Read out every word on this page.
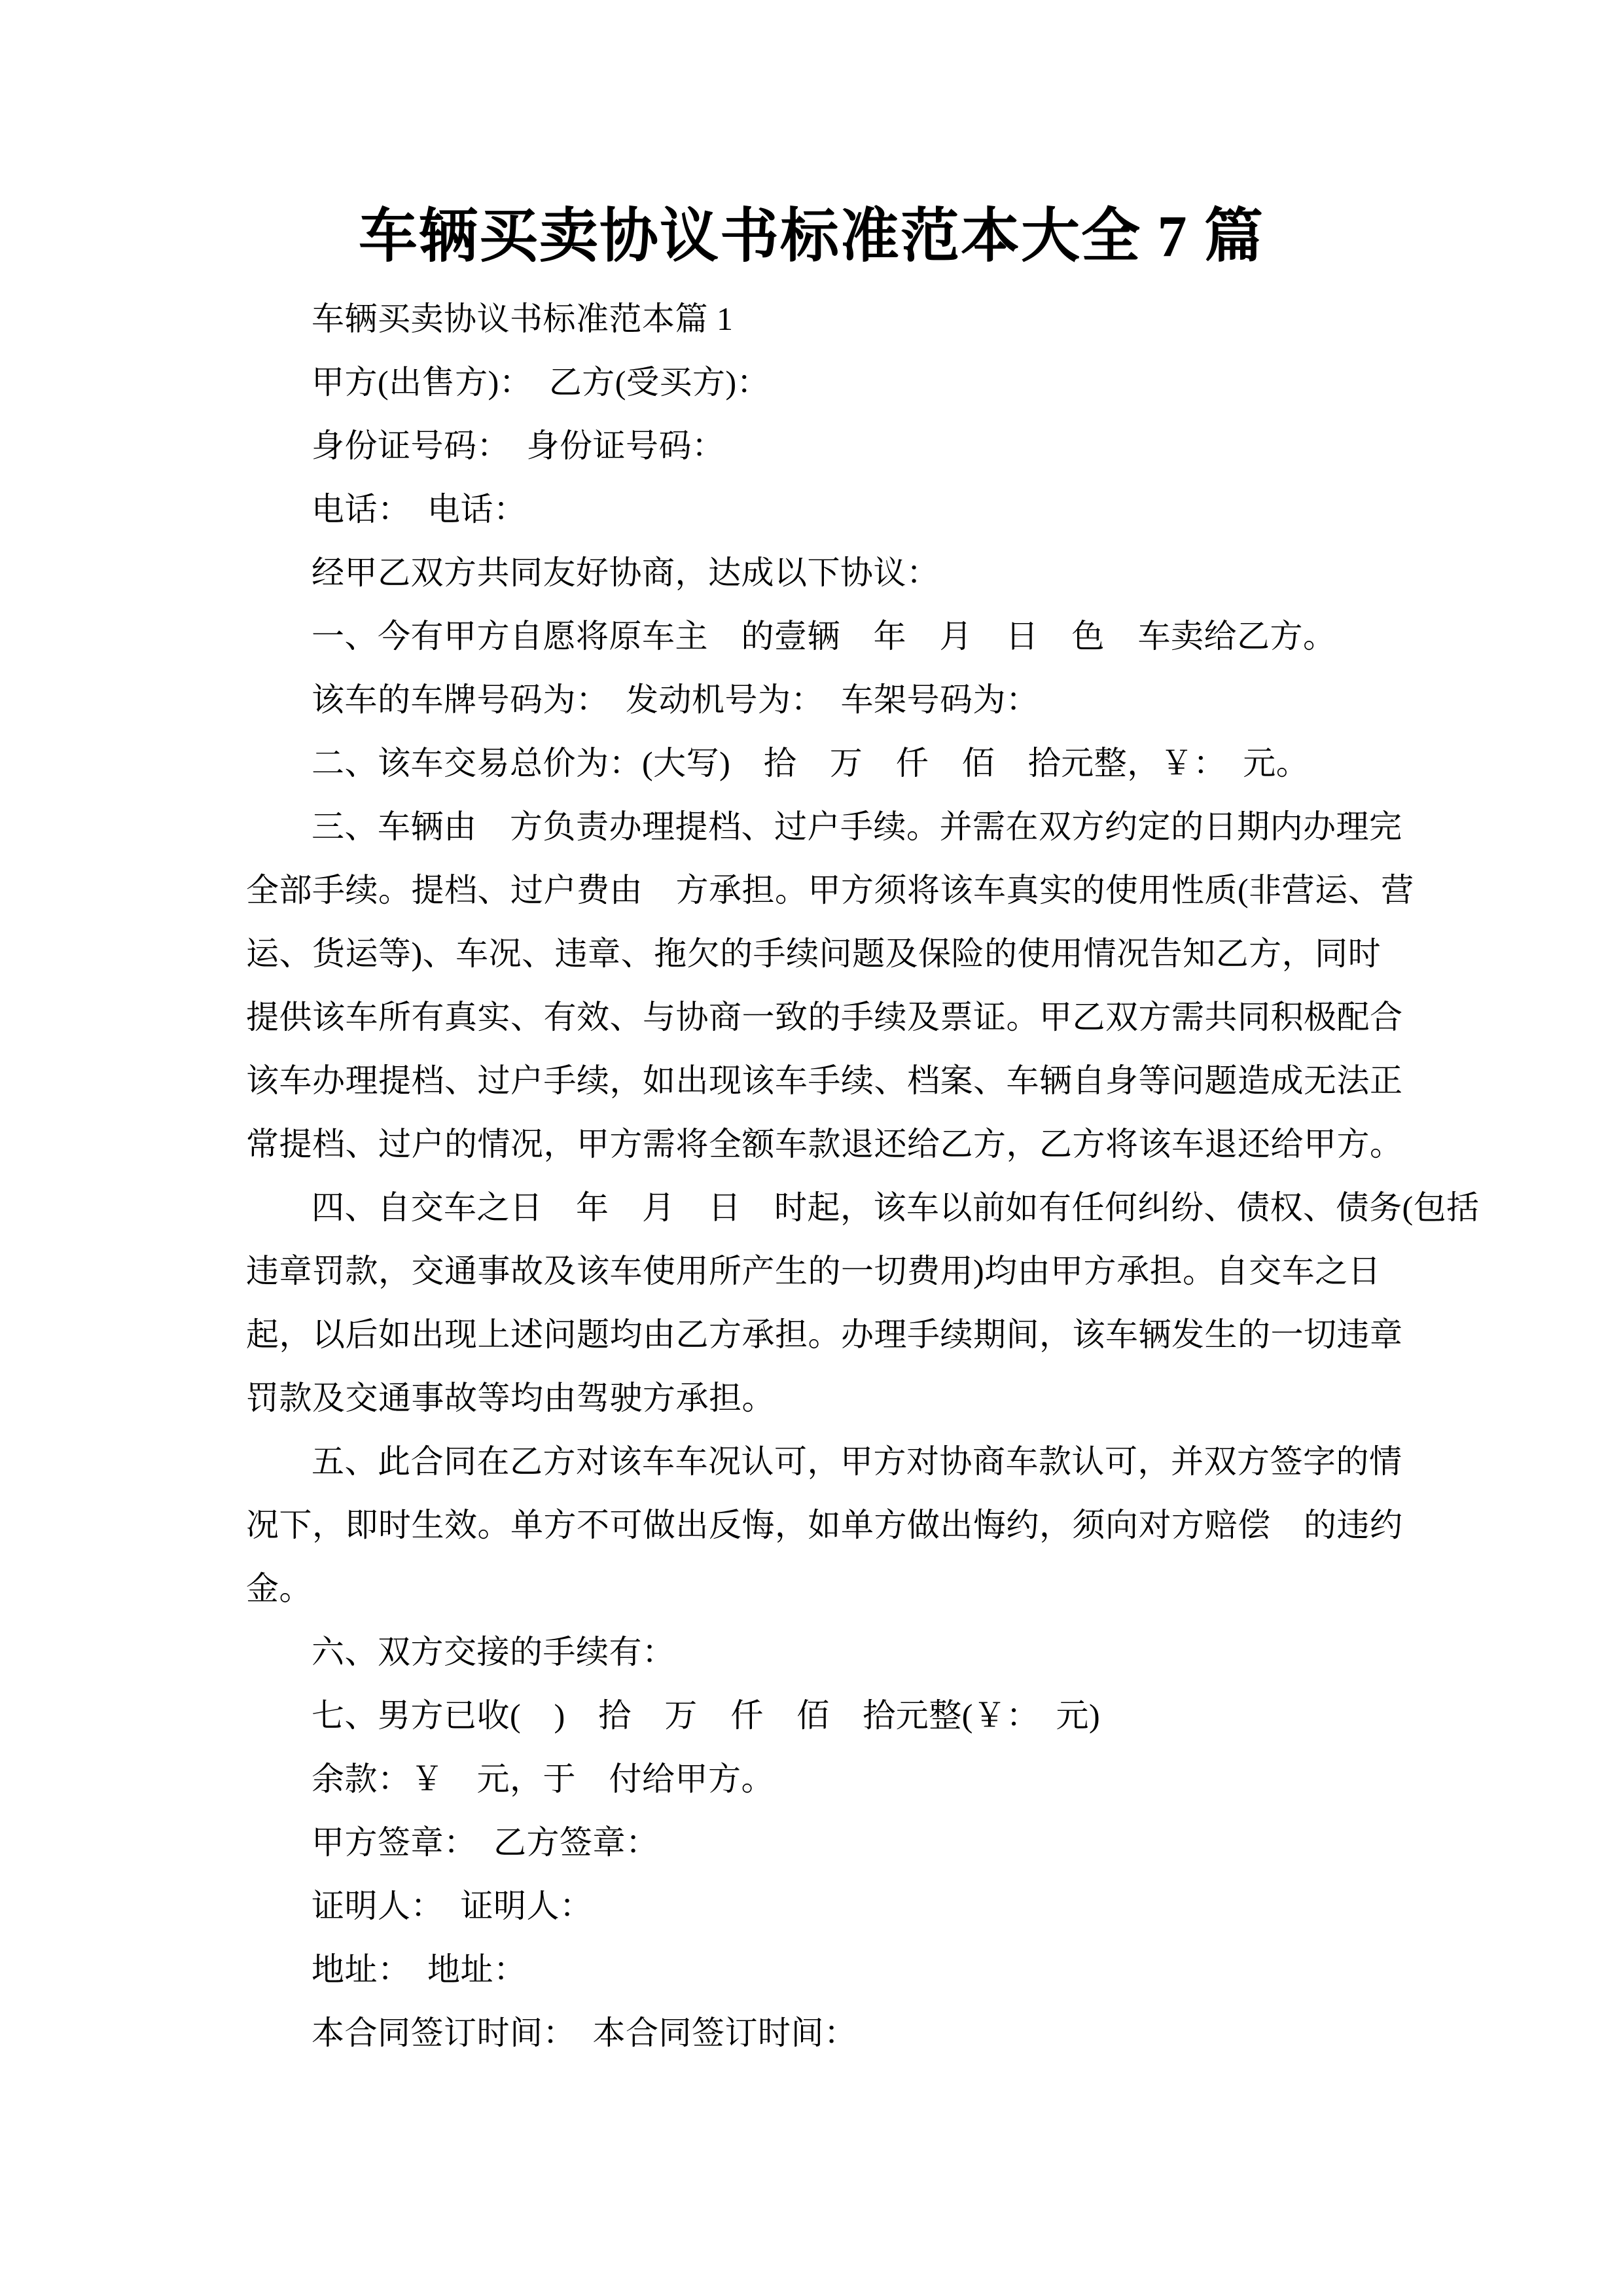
车辆买卖协议书标准范本大全 7 篇
车辆买卖协议书标准范本篇 1
甲方(出售方)：　乙方(受买方)：
身份证号码：　身份证号码：
电话：　电话：
经甲乙双方共同友好协商，达成以下协议：
一、今有甲方自愿将原车主　的壹辆　年　月　日　色　车卖给乙方。
该车的车牌号码为：　发动机号为：　车架号码为：
二、该车交易总价为：(大写)　拾　万　仟　佰　拾元整，￥：　元。
三、车辆由　方负责办理提档、过户手续。并需在双方约定的日期内办理完
全部手续。提档、过户费由　方承担。甲方须将该车真实的使用性质(非营运、营
运、货运等)、车况、违章、拖欠的手续问题及保险的使用情况告知乙方，同时
提供该车所有真实、有效、与协商一致的手续及票证。甲乙双方需共同积极配合
该车办理提档、过户手续，如出现该车手续、档案、车辆自身等问题造成无法正
常提档、过户的情况，甲方需将全额车款退还给乙方，乙方将该车退还给甲方。
四、自交车之日　年　月　日　时起，该车以前如有任何纠纷、债权、债务(包括
违章罚款，交通事故及该车使用所产生的一切费用)均由甲方承担。自交车之日
起，以后如出现上述问题均由乙方承担。办理手续期间，该车辆发生的一切违章
罚款及交通事故等均由驾驶方承担。
五、此合同在乙方对该车车况认可，甲方对协商车款认可，并双方签字的情
况下，即时生效。单方不可做出反悔，如单方做出悔约，须向对方赔偿　的违约
金。
六、双方交接的手续有：
七、男方已收(　)　拾　万　仟　佰　拾元整(￥：　元)
余款：￥　元，于　付给甲方。
甲方签章：　乙方签章：
证明人：　证明人：
地址：　地址：
本合同签订时间：　本合同签订时间：
